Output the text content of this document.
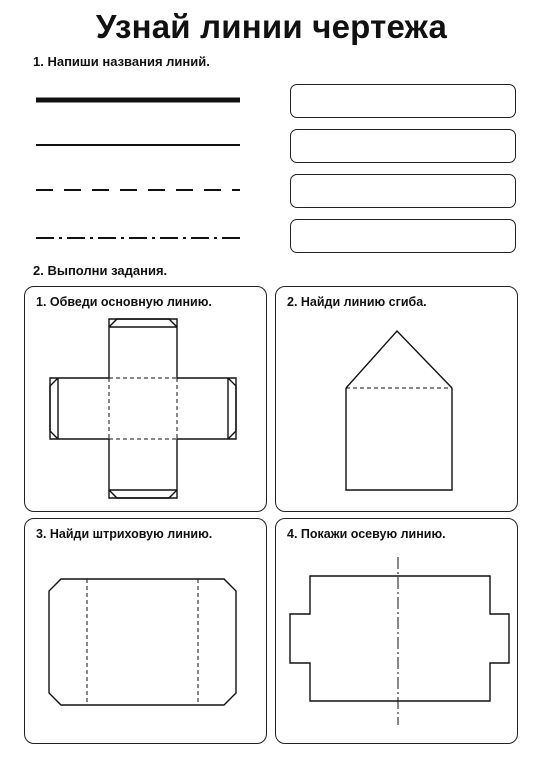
Узнай линии чертежа
1. Напиши названия линий.
2. Выполни задания.
1. Обведи основную линию.	2. Найди линию сгиба.
3. Найди штриховую линию.	4. Покажи осевую линию.
